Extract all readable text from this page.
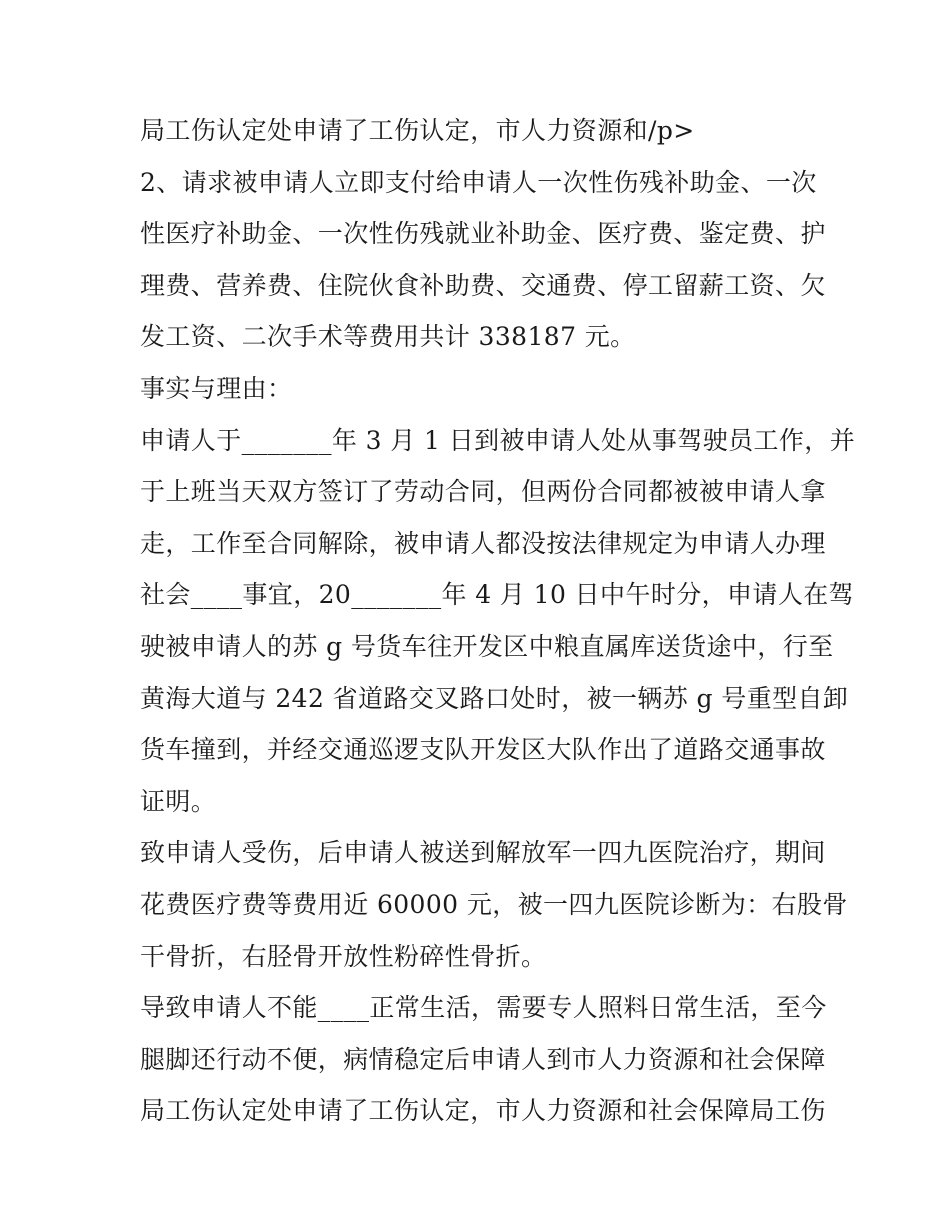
局工伤认定处申请了工伤认定，市人力资源和/p>
2、请求被申请人立即支付给申请人一次性伤残补助金、一次
性医疗补助金、一次性伤残就业补助金、医疗费、鉴定费、护
理费、营养费、住院伙食补助费、交通费、停工留薪工资、欠
发工资、二次手术等费用共计 338187 元。
事实与理由：
申请人于_______年 3 月 1 日到被申请人处从事驾驶员工作，并
于上班当天双方签订了劳动合同，但两份合同都被被申请人拿
走，工作至合同解除，被申请人都没按法律规定为申请人办理
社会____事宜，20_______年 4 月 10 日中午时分，申请人在驾
驶被申请人的苏 g 号货车往开发区中粮直属库送货途中，行至
黄海大道与 242 省道路交叉路口处时，被一辆苏 g 号重型自卸
货车撞到，并经交通巡逻支队开发区大队作出了道路交通事故
证明。
致申请人受伤，后申请人被送到解放军一四九医院治疗，期间
花费医疗费等费用近 60000 元，被一四九医院诊断为：右股骨
干骨折，右胫骨开放性粉碎性骨折。
导致申请人不能____正常生活，需要专人照料日常生活，至今
腿脚还行动不便，病情稳定后申请人到市人力资源和社会保障
局工伤认定处申请了工伤认定，市人力资源和社会保障局工伤
